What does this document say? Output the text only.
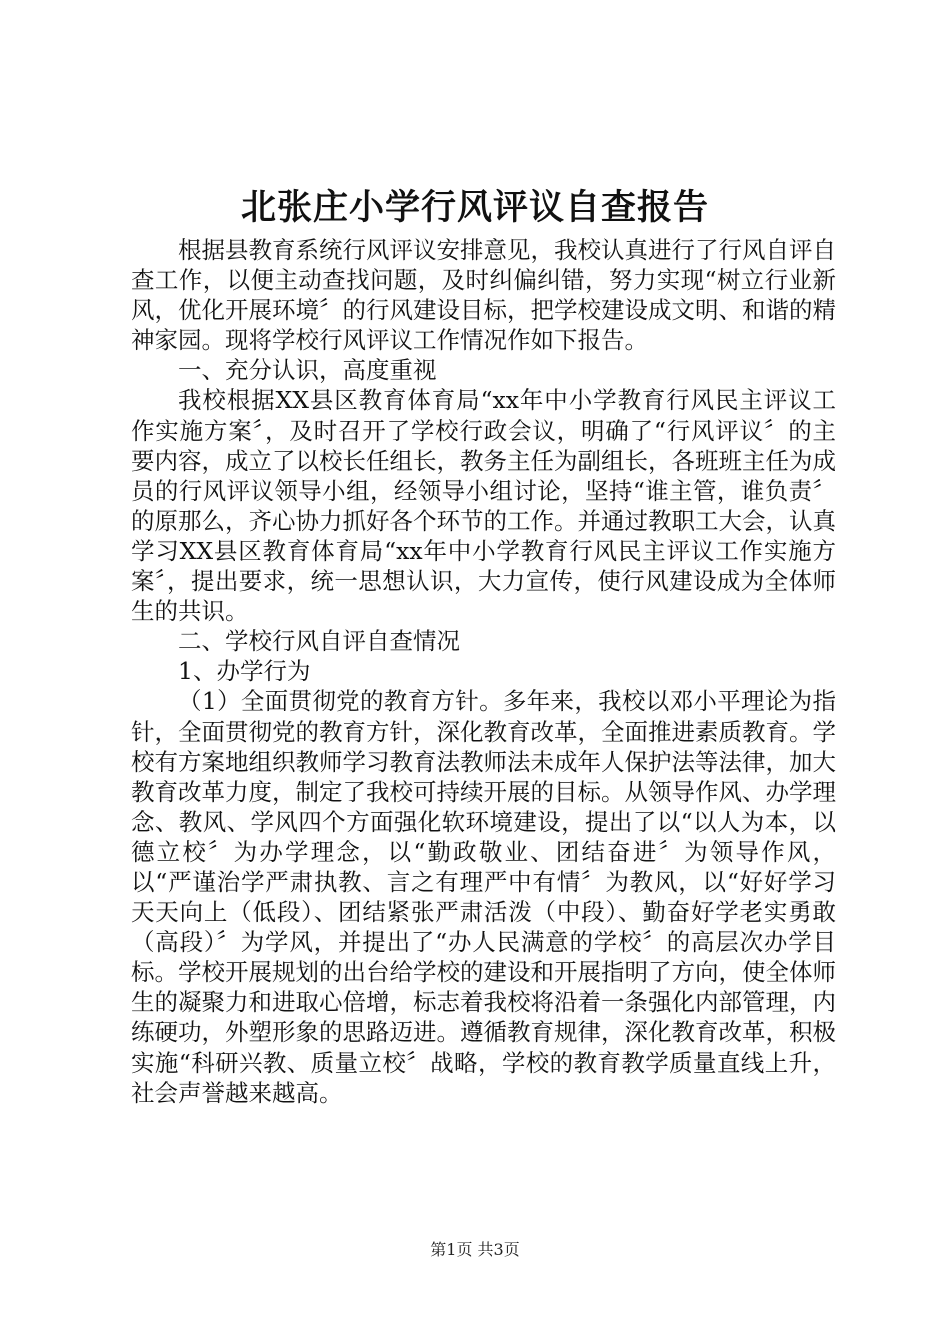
北张庄小学行风评议自查报告

根据县教育系统行风评议安排意见，我校认真进行了行风自评自查工作，以便主动查找问题，及时纠偏纠错，努力实现“树立行业新风，优化开展环境〞的行风建设目标，把学校建设成文明、和谐的精神家园。现将学校行风评议工作情况作如下报告。

一、充分认识，高度重视

我校根据XX县区教育体育局“xx年中小学教育行风民主评议工作实施方案〞，及时召开了学校行政会议，明确了“行风评议〞的主要内容，成立了以校长任组长，教务主任为副组长，各班班主任为成员的行风评议领导小组，经领导小组讨论，坚持“谁主管，谁负责〞的原那么，齐心协力抓好各个环节的工作。并通过教职工大会，认真学习XX县区教育体育局“xx年中小学教育行风民主评议工作实施方案〞，提出要求，统一思想认识，大力宣传，使行风建设成为全体师生的共识。

二、学校行风自评自查情况

1、办学行为

（1）全面贯彻党的教育方针。多年来，我校以邓小平理论为指针，全面贯彻党的教育方针，深化教育改革，全面推进素质教育。学校有方案地组织教师学习教育法教师法未成年人保护法等法律，加大教育改革力度，制定了我校可持续开展的目标。从领导作风、办学理念、教风、学风四个方面强化软环境建设，提出了以“以人为本，以德立校〞为办学理念，以“勤政敬业、团结奋进〞为领导作风，以“严谨治学严肃执教、言之有理严中有情〞为教风，以“好好学习天天向上（低段）、团结紧张严肃活泼（中段）、勤奋好学老实勇敢（高段）〞为学风，并提出了“办人民满意的学校〞的高层次办学目标。学校开展规划的出台给学校的建设和开展指明了方向，使全体师生的凝聚力和进取心倍增，标志着我校将沿着一条强化内部管理，内练硬功，外塑形象的思路迈进。遵循教育规律，深化教育改革，积极实施“科研兴教、质量立校〞战略，学校的教育教学质量直线上升，社会声誉越来越高。

第1页 共3页
